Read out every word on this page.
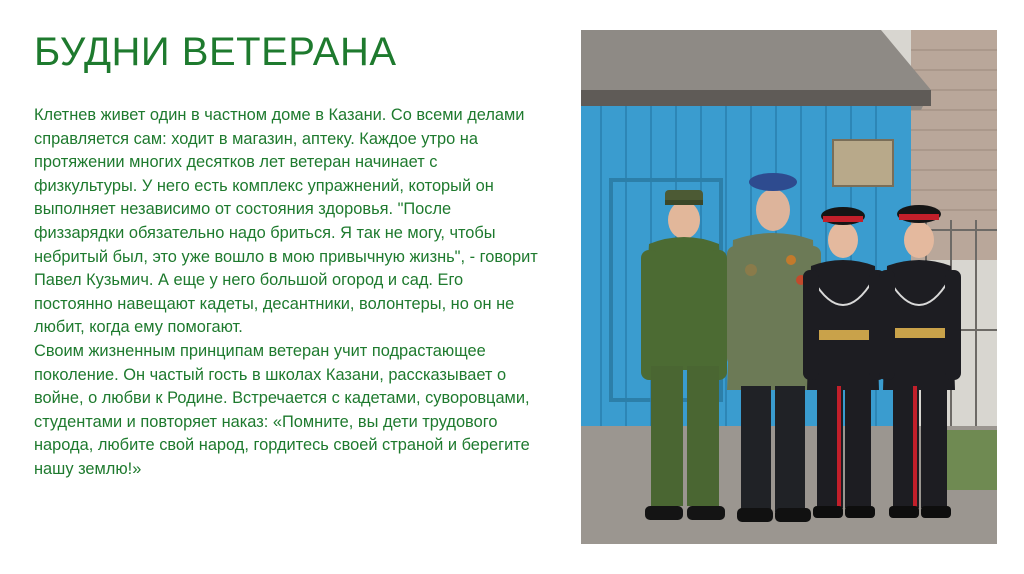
БУДНИ ВЕТЕРАНА

Клетнев живет один в частном доме в Казани. Со всеми делами справляется сам: ходит в магазин, аптеку. Каждое утро на протяжении многих десятков лет ветеран начинает с физкультуры. У него есть комплекс упражнений, который он выполняет независимо от состояния здоровья. "После физзарядки обязательно надо бриться. Я так не могу, чтобы небритый был, это уже вошло в мою привычную жизнь", - говорит Павел Кузьмич. А еще у него большой огород и сад. Его постоянно навещают кадеты, десантники, волонтеры, но он не любит, когда ему помогают.

Своим жизненным принципам ветеран учит подрастающее поколение. Он частый гость в школах Казани, рассказывает о войне, о любви к Родине. Встречается с кадетами, суворовцами, студентами и повторяет наказ: «Помните, вы дети трудового народа, любите свой народ, гордитесь своей страной и берегите нашу землю!»
